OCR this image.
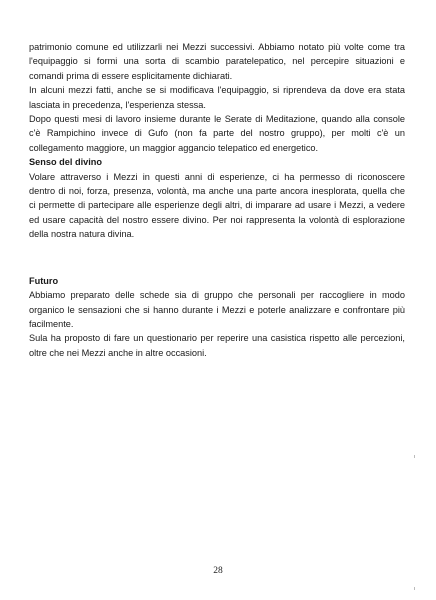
patrimonio comune ed utilizzarli nei Mezzi successivi. Abbiamo notato più volte come tra
l'equipaggio si formi una sorta di scambio paratelepatico, nel percepire situazioni e
comandi prima di essere esplicitamente dichiarati.
In alcuni mezzi fatti, anche se si modificava l'equipaggio, si riprendeva da dove era stata
lasciata in precedenza, l'esperienza stessa.
Dopo questi mesi di lavoro insieme durante le Serate di Meditazione, quando alla console
c'è Rampichino invece di Gufo (non fa parte del nostro gruppo), per molti c'è un
collegamento maggiore, un maggior aggancio telepatico ed energetico.
Senso del divino
Volare attraverso i Mezzi in questi anni di esperienze, ci ha permesso di riconoscere
dentro di noi, forza, presenza, volontà, ma anche una parte ancora inesplorata, quella che
ci permette di partecipare alle esperienze degli altri, di imparare ad usare i Mezzi, a vedere
ed usare capacità del nostro essere divino. Per noi rappresenta la volontà di esplorazione
della nostra natura divina.
Futuro
Abbiamo preparato delle schede sia di gruppo che personali per raccogliere in modo
organico le sensazioni che si hanno durante i Mezzi e poterle analizzare e confrontare più
facilmente.
Sula ha proposto di fare un questionario per reperire una casistica rispetto alle percezioni,
oltre che nei Mezzi anche in altre occasioni.
28
